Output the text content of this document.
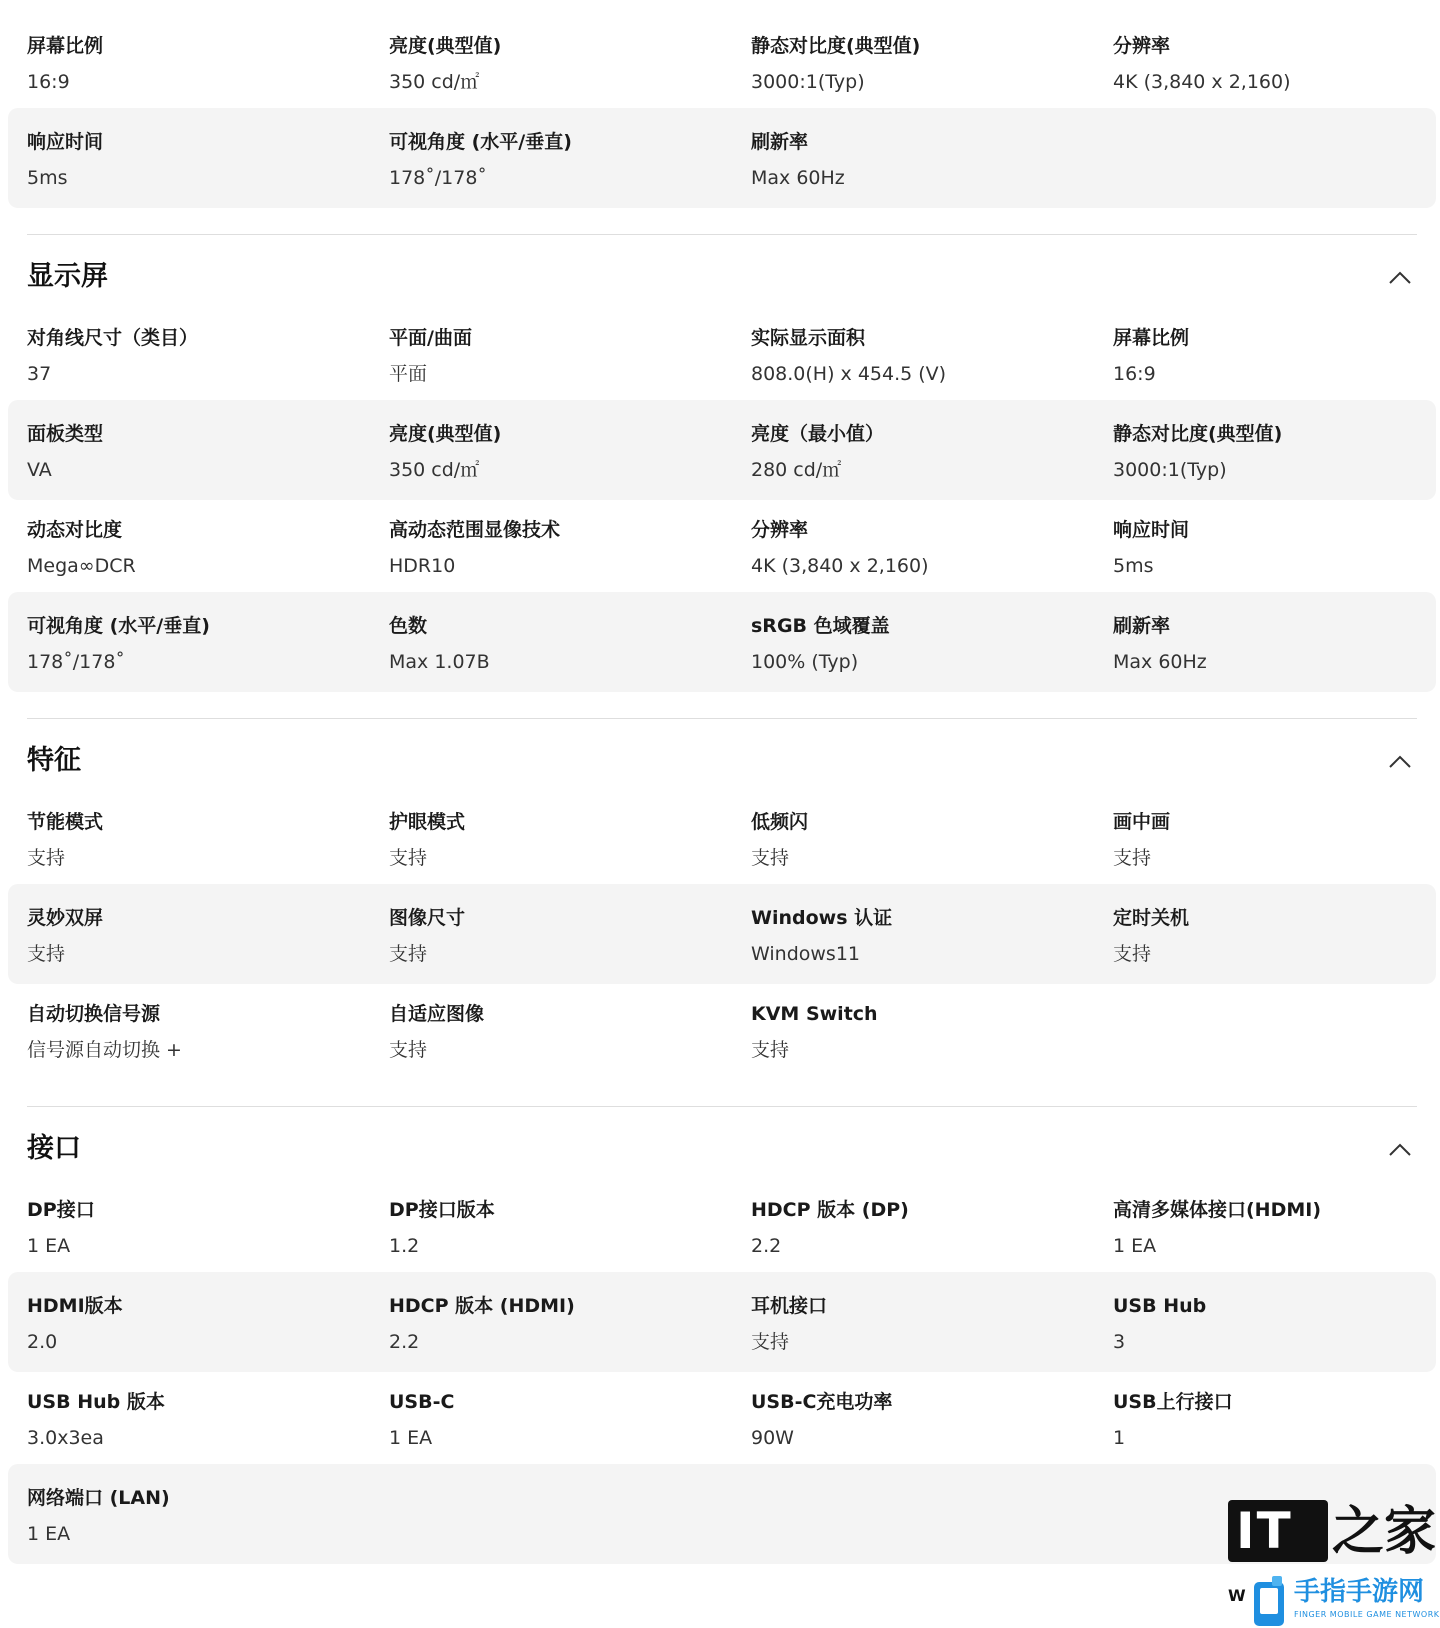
屏幕比例
16:9
亮度(典型值)
350 cd/㎡
静态对比度(典型值)
3000:1(Typ)
分辨率
4K (3,840 x 2,160)
响应时间
5ms
可视角度 (水平/垂直)
178˚/178˚
刷新率
Max 60Hz
显示屏
对角线尺寸（类目）
37
平面/曲面
平面
实际显示面积
808.0(H) x 454.5 (V)
屏幕比例
16:9
面板类型
VA
亮度(典型值)
350 cd/㎡
亮度（最小值）
280 cd/㎡
静态对比度(典型值)
3000:1(Typ)
动态对比度
Mega∞DCR
高动态范围显像技术
HDR10
分辨率
4K (3,840 x 2,160)
响应时间
5ms
可视角度 (水平/垂直)
178˚/178˚
色数
Max 1.07B
sRGB 色域覆盖
100% (Typ)
刷新率
Max 60Hz
特征
节能模式
支持
护眼模式
支持
低频闪
支持
画中画
支持
灵妙双屏
支持
图像尺寸
支持
Windows 认证
Windows11
定时关机
支持
自动切换信号源
信号源自动切换 +
自适应图像
支持
KVM Switch
支持
接口
DP接口
1 EA
DP接口版本
1.2
HDCP 版本 (DP)
2.2
高清多媒体接口(HDMI)
1 EA
HDMI版本
2.0
HDCP 版本 (HDMI)
2.2
耳机接口
支持
USB Hub
3
USB Hub 版本
3.0x3ea
USB-C
1 EA
USB-C充电功率
90W
USB上行接口
1
网络端口 (LAN)
1 EA	IT 之家
W 手指手游网
FINGER MOBILE GAME NETWORK
